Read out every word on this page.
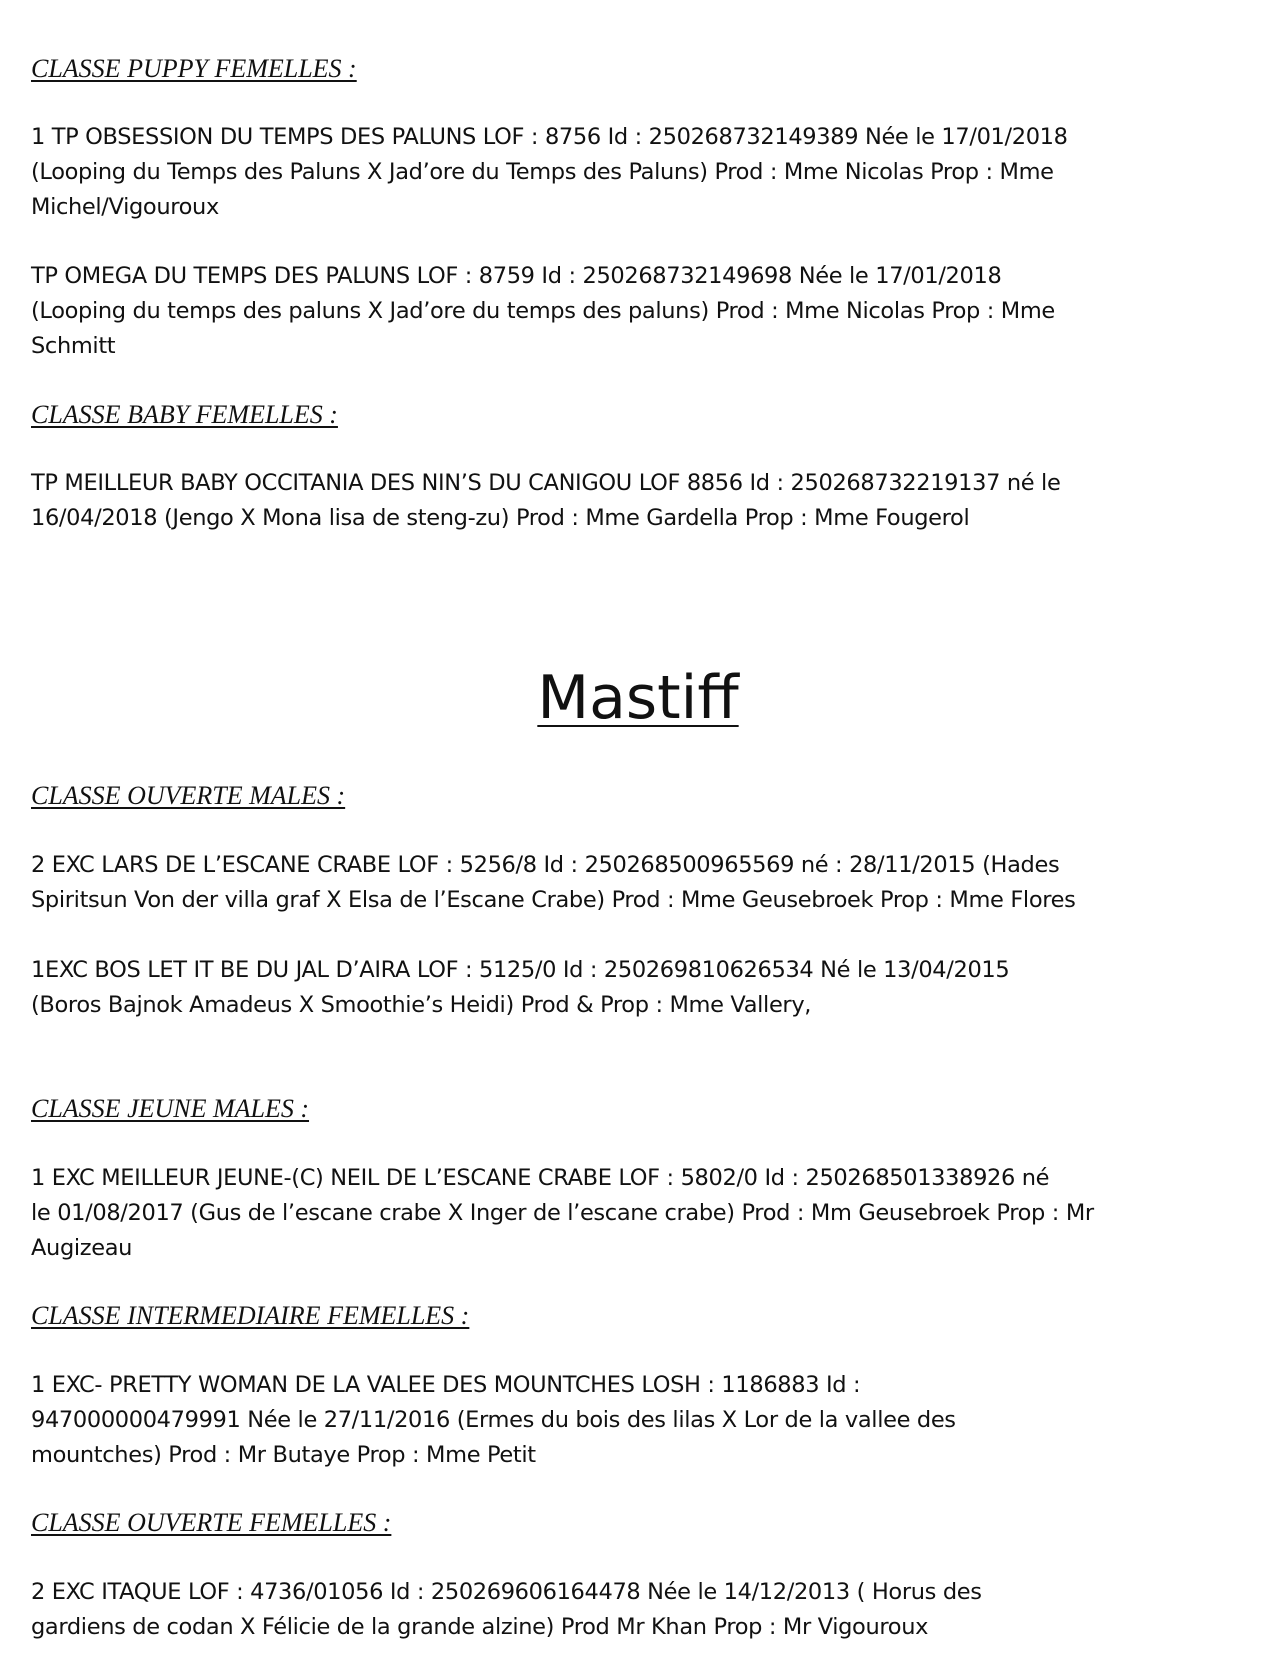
CLASSE PUPPY FEMELLES :
1 TP OBSESSION DU TEMPS DES PALUNS LOF : 8756 Id : 250268732149389 Née le 17/01/2018
(Looping du Temps des Paluns X Jad’ore du Temps des Paluns) Prod : Mme Nicolas Prop : Mme
Michel/Vigouroux
TP OMEGA DU TEMPS DES PALUNS LOF : 8759 Id : 250268732149698 Née le 17/01/2018
(Looping du temps des paluns X Jad’ore du temps des paluns) Prod : Mme Nicolas Prop : Mme
Schmitt
CLASSE BABY FEMELLES :
TP MEILLEUR BABY OCCITANIA DES NIN’S DU CANIGOU LOF 8856 Id : 250268732219137 né le
16/04/2018 (Jengo X Mona lisa de steng-zu) Prod : Mme Gardella Prop : Mme Fougerol
Mastiff
CLASSE OUVERTE MALES :
2 EXC LARS DE L’ESCANE CRABE LOF : 5256/8 Id : 250268500965569 né : 28/11/2015 (Hades
Spiritsun Von der villa graf X Elsa de l’Escane Crabe) Prod : Mme Geusebroek Prop : Mme Flores
1EXC BOS LET IT BE DU JAL D’AIRA LOF : 5125/0 Id : 250269810626534 Né le 13/04/2015
(Boros Bajnok Amadeus X Smoothie’s Heidi) Prod & Prop : Mme Vallery,
CLASSE JEUNE MALES :
1 EXC MEILLEUR JEUNE-(C) NEIL DE L’ESCANE CRABE LOF : 5802/0 Id : 250268501338926 né
le 01/08/2017 (Gus de l’escane crabe X Inger de l’escane crabe) Prod : Mm Geusebroek Prop : Mr
Augizeau
CLASSE INTERMEDIAIRE FEMELLES :
1 EXC- PRETTY WOMAN DE LA VALEE DES MOUNTCHES LOSH : 1186883 Id :
947000000479991 Née le 27/11/2016 (Ermes du bois des lilas X Lor de la vallee des
mountches) Prod : Mr Butaye Prop : Mme Petit
CLASSE OUVERTE FEMELLES :
2 EXC ITAQUE LOF : 4736/01056 Id : 250269606164478 Née le 14/12/2013 ( Horus des
gardiens de codan X Félicie de la grande alzine) Prod Mr Khan Prop : Mr Vigouroux
